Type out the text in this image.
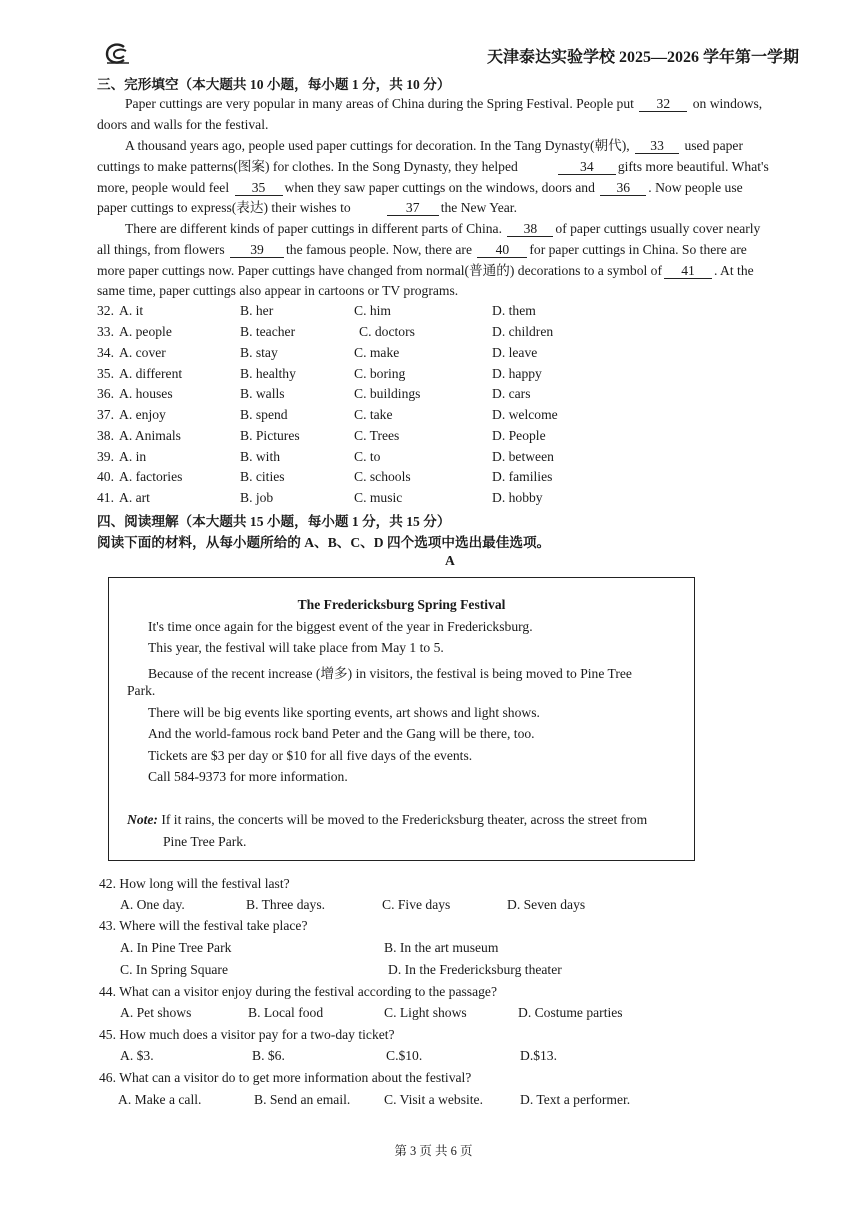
天津泰达实验学校 2025—2026 学年第一学期
三、完形填空（本大题共 10 小题，每小题 1 分，共 10 分）
Paper cuttings are very popular in many areas of China during the Spring Festival. People put 32 on windows,
doors and walls for the festival.
A thousand years ago, people used paper cuttings for decoration. In the Tang Dynasty(朝代), 33 used paper
cuttings to make patterns(图案) for clothes. In the Song Dynasty, they helped	34 gifts more beautiful. What's
more, people would feel 35 when they saw paper cuttings on the windows, doors and 36 . Now people use
paper cuttings to express(表达) their wishes to	37 the New Year.
There are different kinds of paper cuttings in different parts of China. 38 of paper cuttings usually cover nearly
all things, from flowers 39 the famous people. Now, there are 40 for paper cuttings in China. So there are
more paper cuttings now. Paper cuttings have changed from normal(普通的) decorations to a symbol of 41 . At the
same time, paper cuttings also appear in cartoons or TV programs.
32. A. it	B. her	C. him	D. them
33. A. people	B. teacher	C. doctors	D. children
34. A. cover	B. stay	C. make	D. leave
35. A. different	B. healthy	C. boring	D. happy
36. A. houses	B. walls	C. buildings	D. cars
37. A. enjoy	B. spend	C. take	D. welcome
38. A. Animals	B. Pictures	C. Trees	D. People
39. A. in	B. with	C. to	D. between
40. A. factories	B. cities	C. schools	D. families
41. A. art	B. job	C. music	D. hobby
四、阅读理解（本大题共 15 小题，每小题 1 分，共 15 分）
阅读下面的材料，从每小题所给的 A、B、C、D 四个选项中选出最佳选项。
A
The Fredericksburg Spring Festival
It's time once again for the biggest event of the year in Fredericksburg.
This year, the festival will take place from May 1 to 5.
Because of the recent increase (增多) in visitors, the festival is being moved to Pine Tree
Park.
There will be big events like sporting events, art shows and light shows.
And the world-famous rock band Peter and the Gang will be there, too.
Tickets are $3 per day or $10 for all five days of the events.
Call 584-9373 for more information.
Note: If it rains, the concerts will be moved to the Fredericksburg theater, across the street from
Pine Tree Park.
42. How long will the festival last?
A. One day.	B. Three days.	C. Five days	D. Seven days
43. Where will the festival take place?
A. In Pine Tree Park	B. In the art museum
C. In Spring Square	D. In the Fredericksburg theater
44. What can a visitor enjoy during the festival according to the passage?
A. Pet shows	B. Local food	C. Light shows	D. Costume parties
45. How much does a visitor pay for a two-day ticket?
A. $3.	B. $6.	C.$10.	D.$13.
46. What can a visitor do to get more information about the festival?
A. Make a call.	B. Send an email. C. Visit a website.	D. Text a performer.
第 3 页 共 6 页
